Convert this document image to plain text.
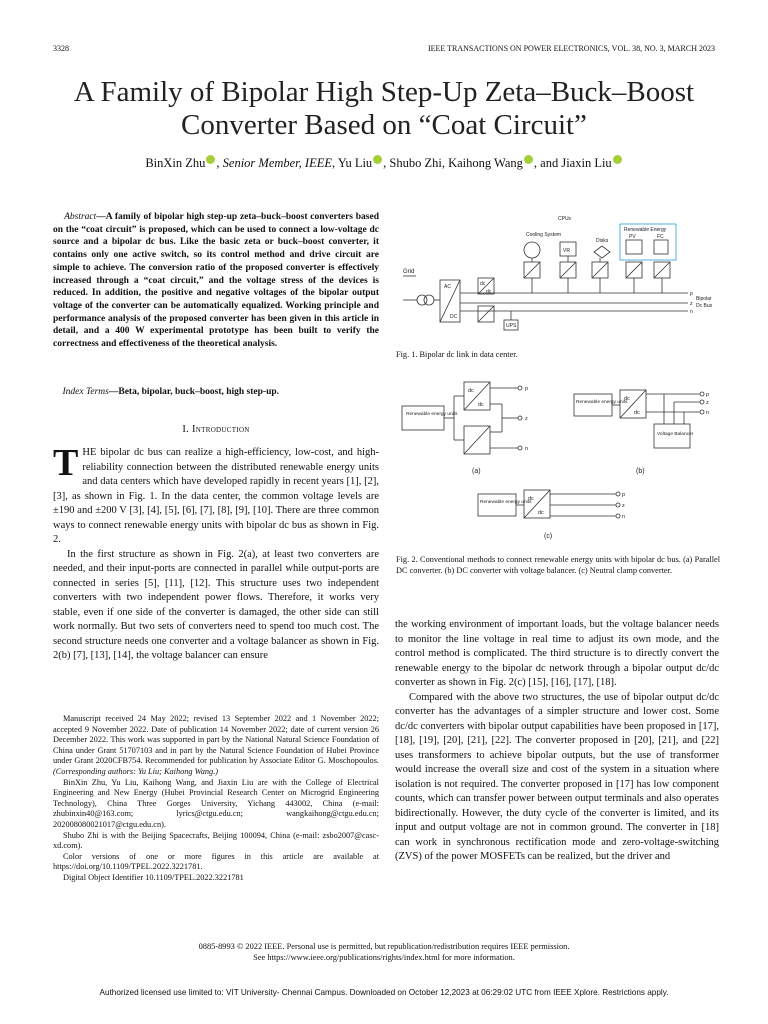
3328	IEEE TRANSACTIONS ON POWER ELECTRONICS, VOL. 38, NO. 3, MARCH 2023
A Family of Bipolar High Step-Up Zeta–Buck–Boost
Converter Based on “Coat Circuit”
BinXin Zhu , Senior Member, IEEE, Yu Liu , Shubo Zhi, Kaihong Wang , and Jiaxin Liu
Abstract—A family of bipolar high step-up zeta–buck–boost converters based on the “coat circuit” is proposed, which can be used to connect a low-voltage dc source and a bipolar dc bus. Like the basic zeta or buck–boost converter, it contains only one active switch, so its control method and drive circuit are simple to achieve. The conversion ratio of the proposed converter is effectively increased through a “coat circuit,” and the voltage stress of the devices is reduced. In addition, the positive and negative voltages of the bipolar output voltage of the converter can be automatically equalized. Working principle and performance analysis of the proposed converter has been given in this article in detail, and a 400 W experimental prototype has been built to verify the correctness and effectiveness of the theoretical analysis.
Index Terms—Beta, bipolar, buck–boost, high step-up.
I. Introduction

THE bipolar dc bus can realize a high-efficiency, low-cost, and high-reliability connection between the distributed renewable energy units and data centers which have developed rapidly in recent years [1], [2], [3], as shown in Fig. 1. In the data center, the common voltage levels are ±190 and ±200 V [3], [4], [5], [6], [7], [8], [9], [10]. There are three common ways to connect renewable energy units with bipolar dc bus as shown in Fig. 2.

In the first structure as shown in Fig. 2(a), at least two converters are needed, and their input-ports are connected in parallel while output-ports are connected in series [5], [11], [12]. This structure uses two independent converters with two independent power flows. Therefore, it works very stable, even if one side of the converter is damaged, the other side can still work normally. But two sets of converters need to spend too much cost. The second structure needs one converter and a voltage balancer as shown in Fig. 2(b) [7], [13], [14], the voltage balancer can ensure

Manuscript received 24 May 2022; revised 13 September 2022 and 1 November 2022; accepted 9 November 2022. Date of publication 14 November 2022; date of current version 26 December 2022. This work was supported in part by the National Natural Science Foundation of China under Grant 51707103 and in part by the Natural Science Foundation of Hubei Province under Grant 2020CFB754. Recommended for publication by Associate Editor G. Moschopoulos. (Corresponding authors: Yu Liu; Kaihong Wang.)

BinXin Zhu, Yu Liu, Kaihong Wang, and Jiaxin Liu are with the College of Electrical Engineering and New Energy (Hubei Provincial Research Center on Microgrid Engineering Technology), China Three Gorges University, Yichang 443002, China (e-mail: zhubinxin40@163.com; lyrics@ctgu.edu.cn; wangkaihong@ctgu.edu.cn; 202008080021017@ctgu.edu.cn).

Shubo Zhi is with the Beijing Spacecrafts, Beijing 100094, China (e-mail: zsbo2007@casc-xd.com).

Color versions of one or more figures in this article are available at https://doi.org/10.1109/TPEL.2022.3221781.

Digital Object Identifier 10.1109/TPEL.2022.3221781

CPUs
Cooling System
VR
Disks
Renewable Energy
PV	FC
Grid
AC
DC
dc
dc
UPS
p
z
n
Bipolar
Dc Bus
Fig. 1. Bipolar dc link in data center.
Renewable energy units
dc
dc
p
z
n
(a)
Renewable energy units
dc
dc
p
z
n
Voltage Balancer
(b)
Renewable energy units
dc
dc
p
z
n
(c)
Fig. 2. Conventional methods to connect renewable energy units with bipolar dc bus. (a) Parallel DC converter. (b) DC converter with voltage balancer. (c) Neutral clamp converter.

the working environment of important loads, but the voltage balancer needs to monitor the line voltage in real time to adjust its own mode, and the control method is complicated. The third structure is to directly convert the renewable energy to the bipolar dc network through a bipolar output dc/dc converter as shown in Fig. 2(c) [15], [16], [17], [18].

Compared with the above two structures, the use of bipolar output dc/dc converter has the advantages of a simpler structure and lower cost. Some dc/dc converters with bipolar output capabilities have been proposed in [17], [18], [19], [20], [21], [22]. The converter proposed in [20], [21], and [22] uses transformers to achieve bipolar outputs, but the use of transformer would increase the overall size and cost of the system in a situation where isolation is not required. The converter proposed in [17] has low component counts, which can transfer power between output terminals and also operates bidirectionally. However, the duty cycle of the converter is limited, and its input and output voltage are not in common ground. The converter in [18] can work in synchronous rectification mode and zero-voltage-switching (ZVS) of the power MOSFETs can be realized, but the driver and

0885-8993 © 2022 IEEE. Personal use is permitted, but republication/redistribution requires IEEE permission.
See https://www.ieee.org/publications/rights/index.html for more information.
Authorized licensed use limited to: VIT University- Chennai Campus. Downloaded on October 12,2023 at 06:29:02 UTC from IEEE Xplore. Restrictions apply.
